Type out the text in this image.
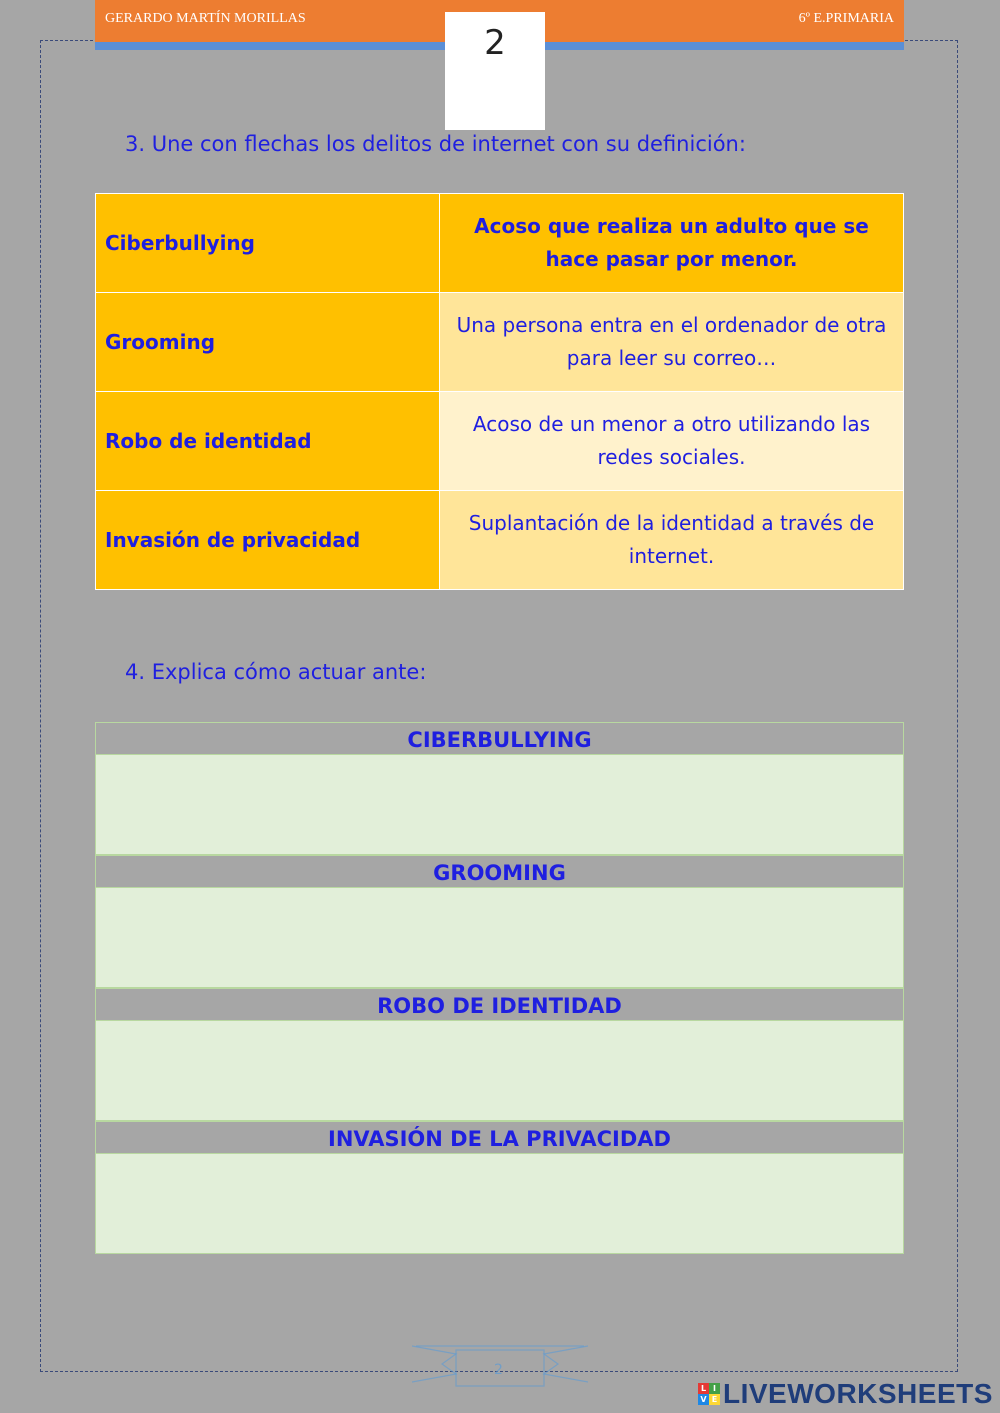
GERARDO MARTÍN MORILLAS	6º E.PRIMARIA
2
3. Une con flechas los delitos de internet con su definición:
Ciberbullying	Acoso que realiza un adulto que se hace pasar por menor.
Grooming	Una persona entra en el ordenador de otra para leer su correo…
Robo de identidad	Acoso de un menor a otro utilizando las redes sociales.
Invasión de privacidad	Suplantación de la identidad a través de internet.
4. Explica cómo actuar ante:
CIBERBULLYING
GROOMING
ROBO DE IDENTIDAD
INVASIÓN DE LA PRIVACIDAD
2
L I
V E LIVEWORKSHEETS
